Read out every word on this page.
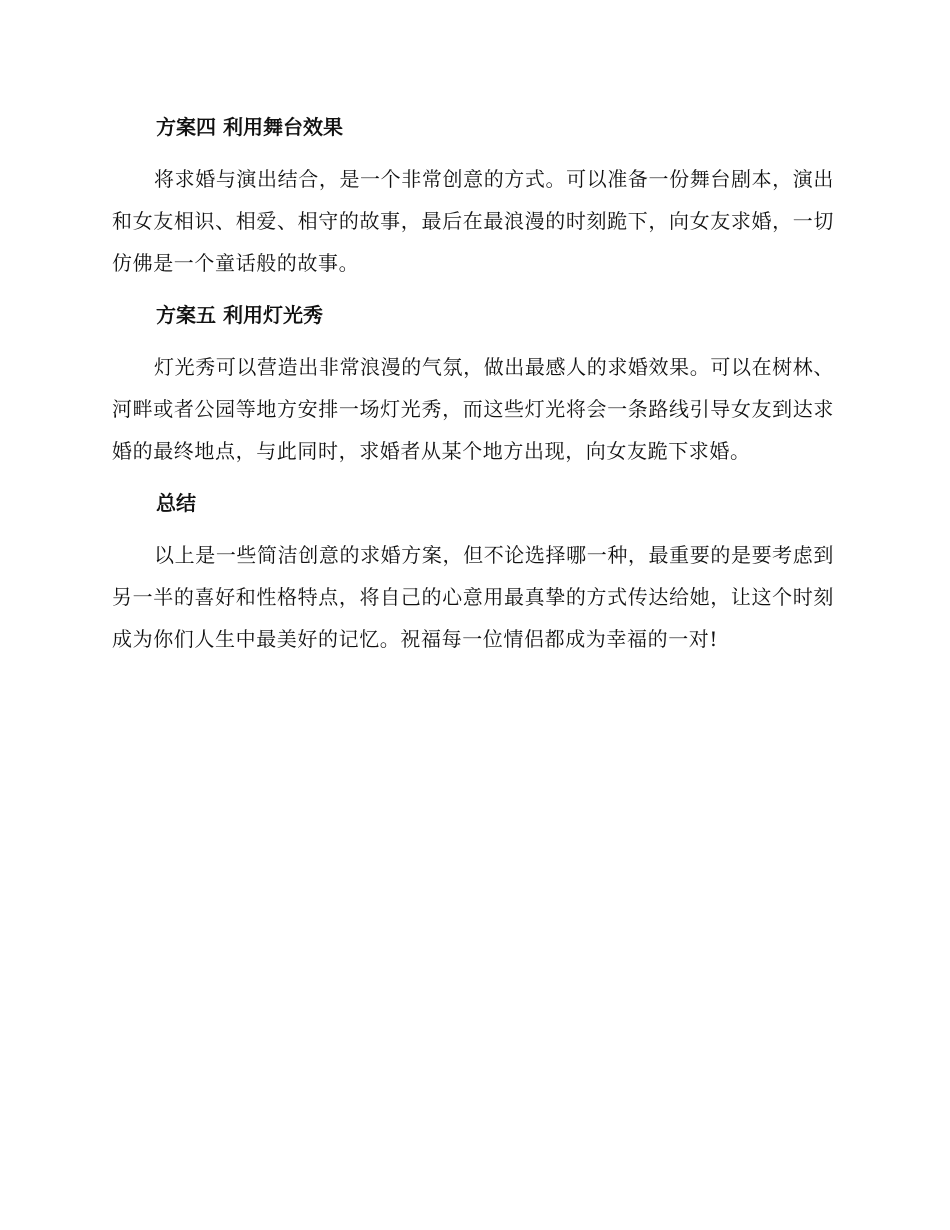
方案四 利用舞台效果

将求婚与演出结合，是一个非常创意的方式。可以准备一份舞台剧本，演出和女友相识、相爱、相守的故事，最后在最浪漫的时刻跪下，向女友求婚，一切仿佛是一个童话般的故事。

方案五 利用灯光秀

灯光秀可以营造出非常浪漫的气氛，做出最感人的求婚效果。可以在树林、河畔或者公园等地方安排一场灯光秀，而这些灯光将会一条路线引导女友到达求婚的最终地点，与此同时，求婚者从某个地方出现，向女友跪下求婚。

总结

以上是一些简洁创意的求婚方案，但不论选择哪一种，最重要的是要考虑到另一半的喜好和性格特点，将自己的心意用最真挚的方式传达给她，让这个时刻成为你们人生中最美好的记忆。祝福每一位情侣都成为幸福的一对!
